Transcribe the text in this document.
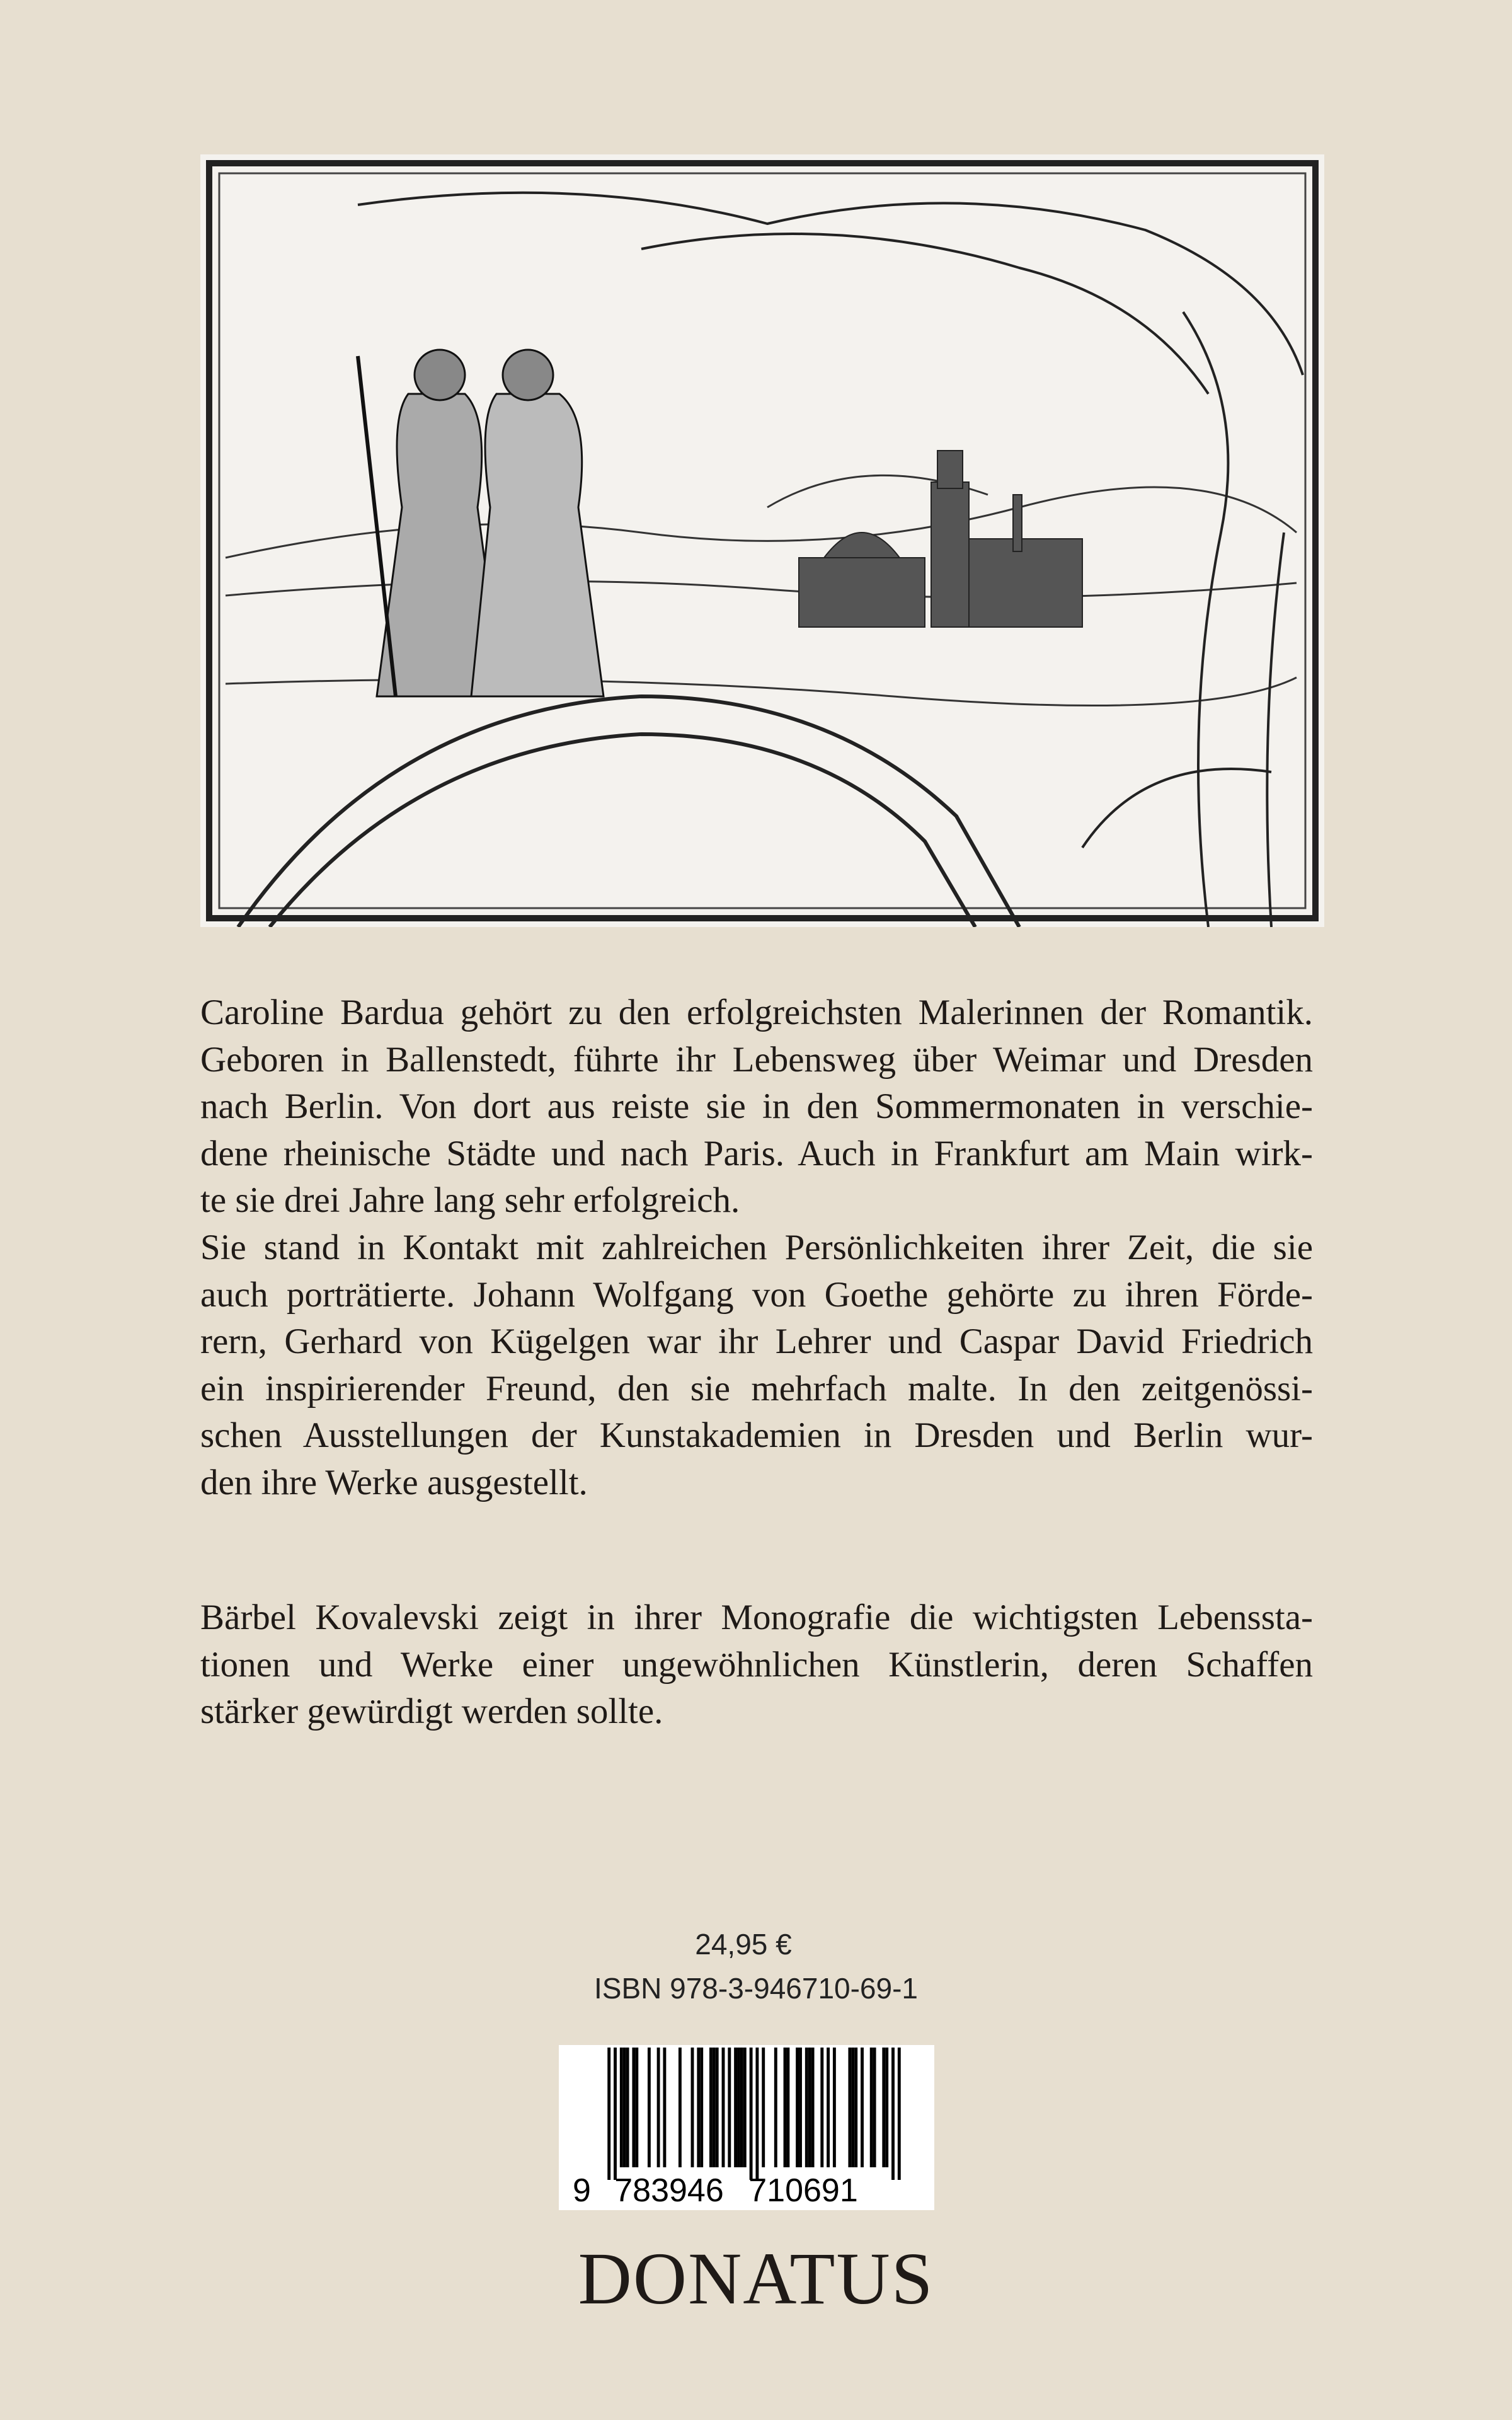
Caroline Bardua gehört zu den erfolgreichsten Malerinnen der Romantik.
Geboren in Ballenstedt, führte ihr Lebensweg über Weimar und Dresden
nach Berlin. Von dort aus reiste sie in den Sommermonaten in verschie-
dene rheinische Städte und nach Paris. Auch in Frankfurt am Main wirk-
te sie drei Jahre lang sehr erfolgreich.
Sie stand in Kontakt mit zahlreichen Persönlichkeiten ihrer Zeit, die sie
auch porträtierte. Johann Wolfgang von Goethe gehörte zu ihren Förde-
rern, Gerhard von Kügelgen war ihr Lehrer und Caspar David Friedrich
ein inspirierender Freund, den sie mehrfach malte. In den zeitgenössi-
schen Ausstellungen der Kunstakademien in Dresden und Berlin wur-
den ihre Werke ausgestellt.
Bärbel Kovalevski zeigt in ihrer Monografie die wichtigsten Lebenssta-
tionen und Werke einer ungewöhnlichen Künstlerin, deren Schaffen
stärker gewürdigt werden sollte.
24,95 €
ISBN 978-3-946710-69-1
9 783946 710691
DONATUS
